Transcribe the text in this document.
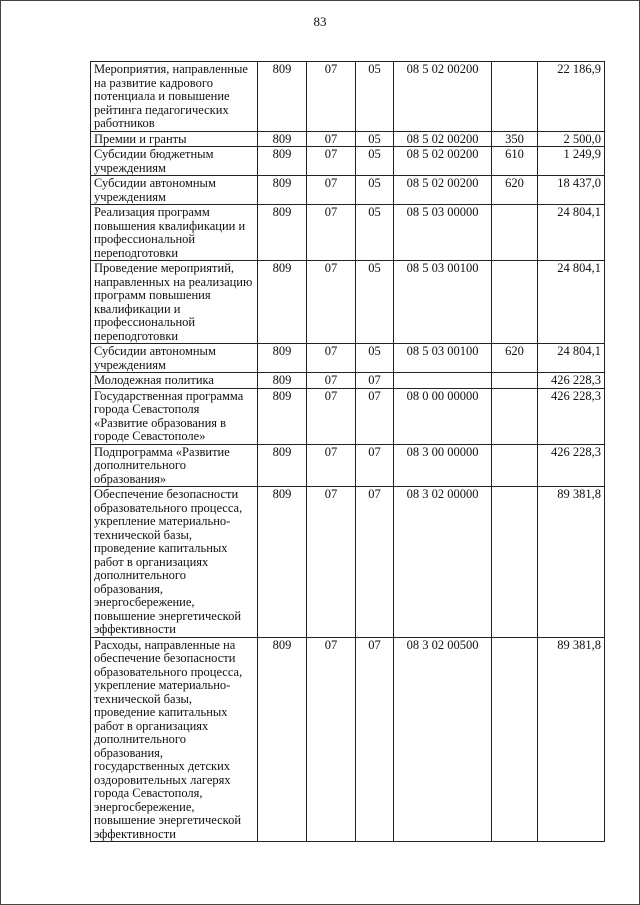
83
Мероприятия, направленные на развитие кадрового потенциала и повышение рейтинга педагогических работников	809	07	05	08 5 02 00200		22 186,9
Премии и гранты	809	07	05	08 5 02 00200	350	2 500,0
Субсидии бюджетным учреждениям	809	07	05	08 5 02 00200	610	1 249,9
Субсидии автономным учреждениям	809	07	05	08 5 02 00200	620	18 437,0
Реализация программ повышения квалификации и профессиональной переподготовки	809	07	05	08 5 03 00000		24 804,1
Проведение мероприятий, направленных на реализацию программ повышения квалификации и профессиональной переподготовки	809	07	05	08 5 03 00100		24 804,1
Субсидии автономным учреждениям	809	07	05	08 5 03 00100	620	24 804,1
Молодежная политика	809	07	07			426 228,3
Государственная программа города Севастополя «Развитие образования в городе Севастополе»	809	07	07	08 0 00 00000		426 228,3
Подпрограмма «Развитие дополнительного образования»	809	07	07	08 3 00 00000		426 228,3
Обеспечение безопасности образовательного процесса, укрепление материально-технической базы, проведение капитальных работ в организациях дополнительного образования, энергосбережение, повышение энергетической эффективности	809	07	07	08 3 02 00000		89 381,8
Расходы, направленные на обеспечение безопасности образовательного процесса, укрепление материально-технической базы, проведение капитальных работ в организациях дополнительного образования, государственных детских оздоровительных лагерях города Севастополя, энергосбережение, повышение энергетической эффективности	809	07	07	08 3 02 00500		89 381,8
